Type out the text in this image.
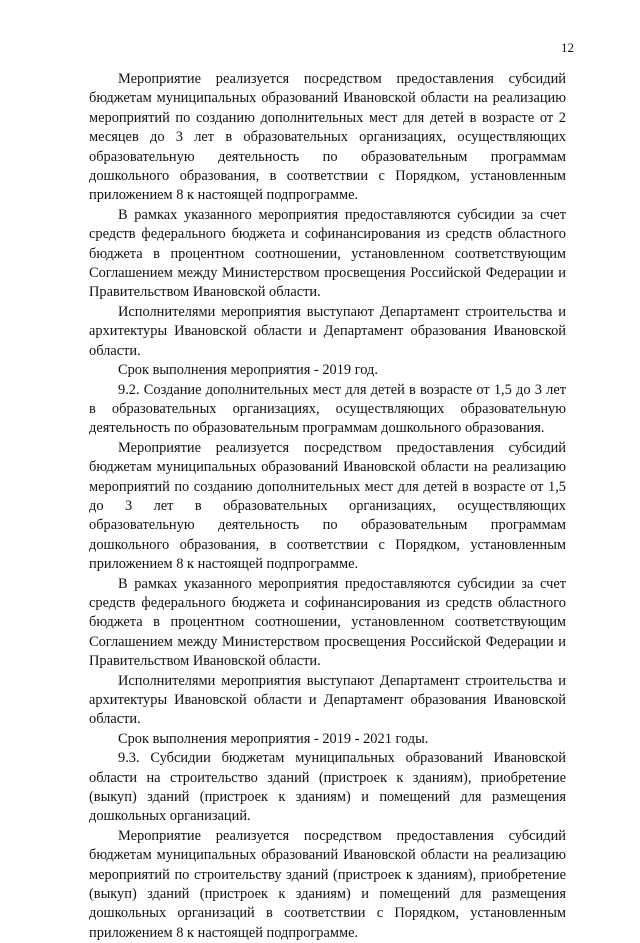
12

Мероприятие реализуется посредством предоставления субсидий бюджетам муниципальных образований Ивановской области на реализацию мероприятий по созданию дополнительных мест для детей в возрасте от 2 месяцев до 3 лет в образовательных организациях, осуществляющих образовательную деятельность по образовательным программам дошкольного образования, в соответствии с Порядком, установленным приложением 8 к настоящей подпрограмме.

В рамках указанного мероприятия предоставляются субсидии за счет средств федерального бюджета и софинансирования из средств областного бюджета в процентном соотношении, установленном соответствующим Соглашением между Министерством просвещения Российской Федерации и Правительством Ивановской области.

Исполнителями мероприятия выступают Департамент строительства и архитектуры Ивановской области и Департамент образования Ивановской области.

Срок выполнения мероприятия - 2019 год.

9.2. Создание дополнительных мест для детей в возрасте от 1,5 до 3 лет в образовательных организациях, осуществляющих образовательную деятельность по образовательным программам дошкольного образования.

Мероприятие реализуется посредством предоставления субсидий бюджетам муниципальных образований Ивановской области на реализацию мероприятий по созданию дополнительных мест для детей в возрасте от 1,5 до 3 лет в образовательных организациях, осуществляющих образовательную деятельность по образовательным программам дошкольного образования, в соответствии с Порядком, установленным приложением 8 к настоящей подпрограмме.

В рамках указанного мероприятия предоставляются субсидии за счет средств федерального бюджета и софинансирования из средств областного бюджета в процентном соотношении, установленном соответствующим Соглашением между Министерством просвещения Российской Федерации и Правительством Ивановской области.

Исполнителями мероприятия выступают Департамент строительства и архитектуры Ивановской области и Департамент образования Ивановской области.

Срок выполнения мероприятия - 2019 - 2021 годы.

9.3. Субсидии бюджетам муниципальных образований Ивановской области на строительство зданий (пристроек к зданиям), приобретение (выкуп) зданий (пристроек к зданиям) и помещений для размещения дошкольных организаций.

Мероприятие реализуется посредством предоставления субсидий бюджетам муниципальных образований Ивановской области на реализацию мероприятий по строительству зданий (пристроек к зданиям), приобретение (выкуп) зданий (пристроек к зданиям) и помещений для размещения дошкольных организаций в соответствии с Порядком, установленным приложением 8 к настоящей подпрограмме.
